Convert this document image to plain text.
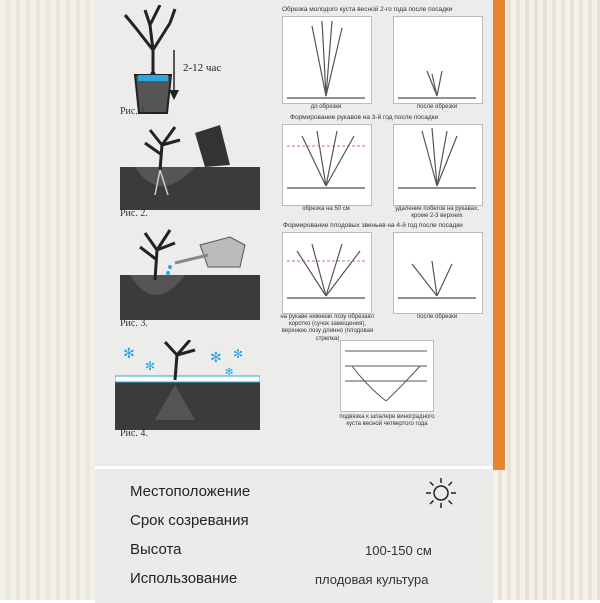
2-12 час
Рис. 1.
Рис. 2.
Рис. 3.
✻
✻	✻ ✻
✻
Рис. 4.
Обрезка молодого куста весной 2-го года после посадки
до обрезки	после обрезки
Формирование рукавов на 3-й год после посадки
обрезка на 50 см	удаление побегов на рукавах, кроме 2-3 верхних
Формирование плодовых звеньев на 4-й год после посадки
на рукаве нижнюю лозу обрезают коротко (сучок замещения), верхнюю лозу длинно (плодовая стрелка)
после обрезки
подвязка к шпалере виноградного куста весной четвертого года
Местоположение
Срок созревания
Высота	100-150 см
Использование	плодовая культура
